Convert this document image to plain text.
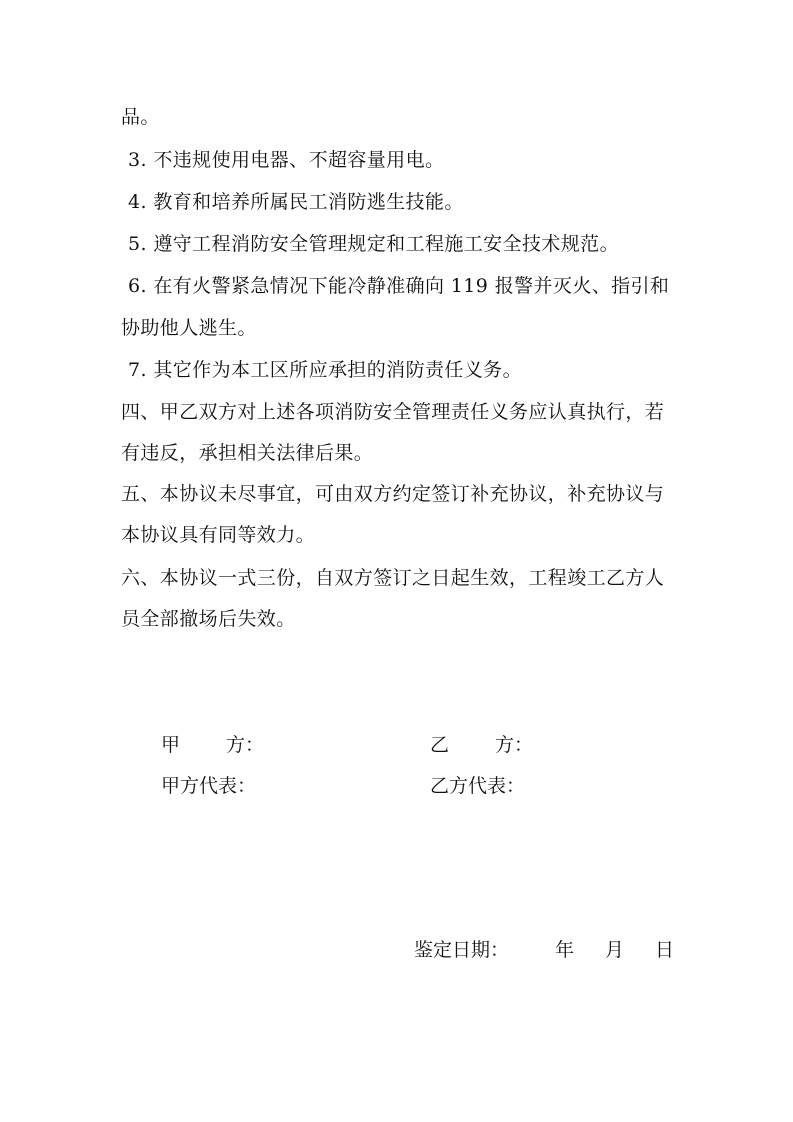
品。
3. 不违规使用电器、不超容量用电。
4. 教育和培养所属民工消防逃生技能。
5. 遵守工程消防安全管理规定和工程施工安全技术规范。
6. 在有火警紧急情况下能冷静准确向 119 报警并灭火、指引和
协助他人逃生。
7. 其它作为本工区所应承担的消防责任义务。
四、甲乙双方对上述各项消防安全管理责任义务应认真执行，若
有违反，承担相关法律后果。
五、本协议未尽事宜，可由双方约定签订补充协议，补充协议与
本协议具有同等效力。
六、本协议一式三份，自双方签订之日起生效，工程竣工乙方人
员全部撤场后失效。
甲 方：	乙 方：
甲方代表：	乙方代表：
鉴定日期： 年 月 日
